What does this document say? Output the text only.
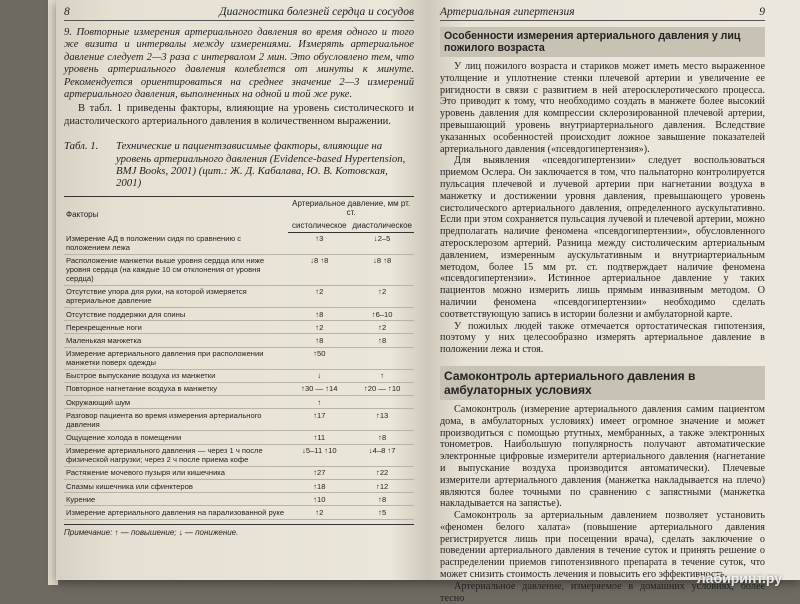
8	Диагностика болезней сердца и сосудов

9. Повторные измерения артериального давления во время одного и того же визита и интервалы между измерениями. Измерять артериальное давление следует 2—3 раза с интервалом 2 мин. Это обусловлено тем, что уровень артериального давления колеблется от минуты к минуте. Рекомендуется ориентироваться на среднее значение 2—3 измерений артериального давления, выполненных на одной и той же руке.

В табл. 1 приведены факторы, влияющие на уровень систолического и диастолического артериального давления в количественном выражении.

Табл. 1.	Технические и пациентзависимые факторы, влияющие на уровень артериального давления (Evidence-based Hypertension, BMJ Books, 2001) (цит.: Ж. Д. Кабалава, Ю. В. Котовская, 2001)
Факторы	Артериальное давление, мм рт. ст.	
	систолическое	диастолическое
Измерение АД в положении сидя по сравнению с положением лежа	↑3	↓2–5
Расположение манжетки выше уровня сердца или ниже уровня сердца (на каждые 10 см отклонения от уровня сердца)	↓8 ↑8	↓8 ↑8
Отсутствие упора для руки, на которой измеряется артериальное давление	↑2	↑2
Отсутствие поддержки для спины	↑8	↑6–10
Перекрещенные ноги	↑2	↑2
Маленькая манжетка	↑8	↑8
Измерение артериального давления при расположении манжетки поверх одежды	↑50	
Быстрое выпускание воздуха из манжетки	↓	↑
Повторное нагнетание воздуха в манжетку	↑30 — ↑14	↑20 — ↑10
Окружающий шум	↑	
Разговор пациента во время измерения артериального давления	↑17	↑13
Ощущение холода в помещении	↑11	↑8
Измерение артериального давления — через 1 ч после физической нагрузки; через 2 ч после приема кофе	↓5–11 ↑10	↓4–8 ↑7
Растяжение мочевого пузыря или кишечника	↑27	↑22
Спазмы кишечника или сфинктеров	↑18	↑12
Курение	↑10	↑8
Измерение артериального давления на парализованной руке	↑2	↑5
Примечание: ↑ — повышение; ↓ — понижение.
Артериальная гипертензия	9
Особенности измерения артериального давления у лиц пожилого возраста

У лиц пожилого возраста и стариков может иметь место выраженное утолщение и уплотнение стенки плечевой артерии и увеличение ее ригидности в связи с развитием в ней атеросклеротического процесса. Это приводит к тому, что необходимо создать в манжете более высокий уровень давления для компрессии склерозированной плечевой артерии, превышающий уровень внутриартериального давления. Вследствие указанных особенностей происходит ложное завышение показателей артериального давления («псевдогипертензия»).

Для выявления «псевдогипертензии» следует воспользоваться приемом Ослера. Он заключается в том, что пальпаторно контролируется пульсация плечевой и лучевой артерии при нагнетании воздуха в манжетку и достижении уровня давления, превышающего уровень систолического артериального давления, определенного аускультативно. Если при этом сохраняется пульсация лучевой и плечевой артерии, можно предполагать наличие феномена «псевдогипертензии», обусловленного атеросклерозом артерий. Разница между систолическим артериальным давлением, измеренным аускультативным и внутриартериальным методом, более 15 мм рт. ст. подтверждает наличие феномена «псевдогипертензии». Истинное артериальное давление у таких пациентов можно измерить лишь прямым инвазивным методом. О наличии феномена «псевдогипертензии» необходимо сделать соответствующую запись в истории болезни и амбулаторной карте.

У пожилых людей также отмечается ортостатическая гипотензия, поэтому у них целесообразно измерять артериальное давление в положении лежа и стоя.

Самоконтроль артериального давления в амбулаторных условиях

Самоконтроль (измерение артериального давления самим пациентом дома, в амбулаторных условиях) имеет огромное значение и может производиться с помощью ртутных, мембранных, а также электронных тонометров. Наибольшую популярность получают автоматические электронные цифровые измерители артериального давления (нагнетание и выпускание воздуха производится автоматически). Плечевые измерители артериального давления (манжетка накладывается на плечо) являются более точными по сравнению с запястными (манжетка накладывается на запястье).

Самоконтроль за артериальным давлением позволяет установить «феномен белого халата» (повышение артериального давления регистрируется лишь при посещении врача), сделать заключение о поведении артериального давления в течение суток и принять решение о распределении приемов гипотензивного препарата в течение суток, что может снизить стоимость лечения и повысить его эффективность.

Артериальное давление, измеряемое в домашних условиях, более тесно

лабиринт.ру
